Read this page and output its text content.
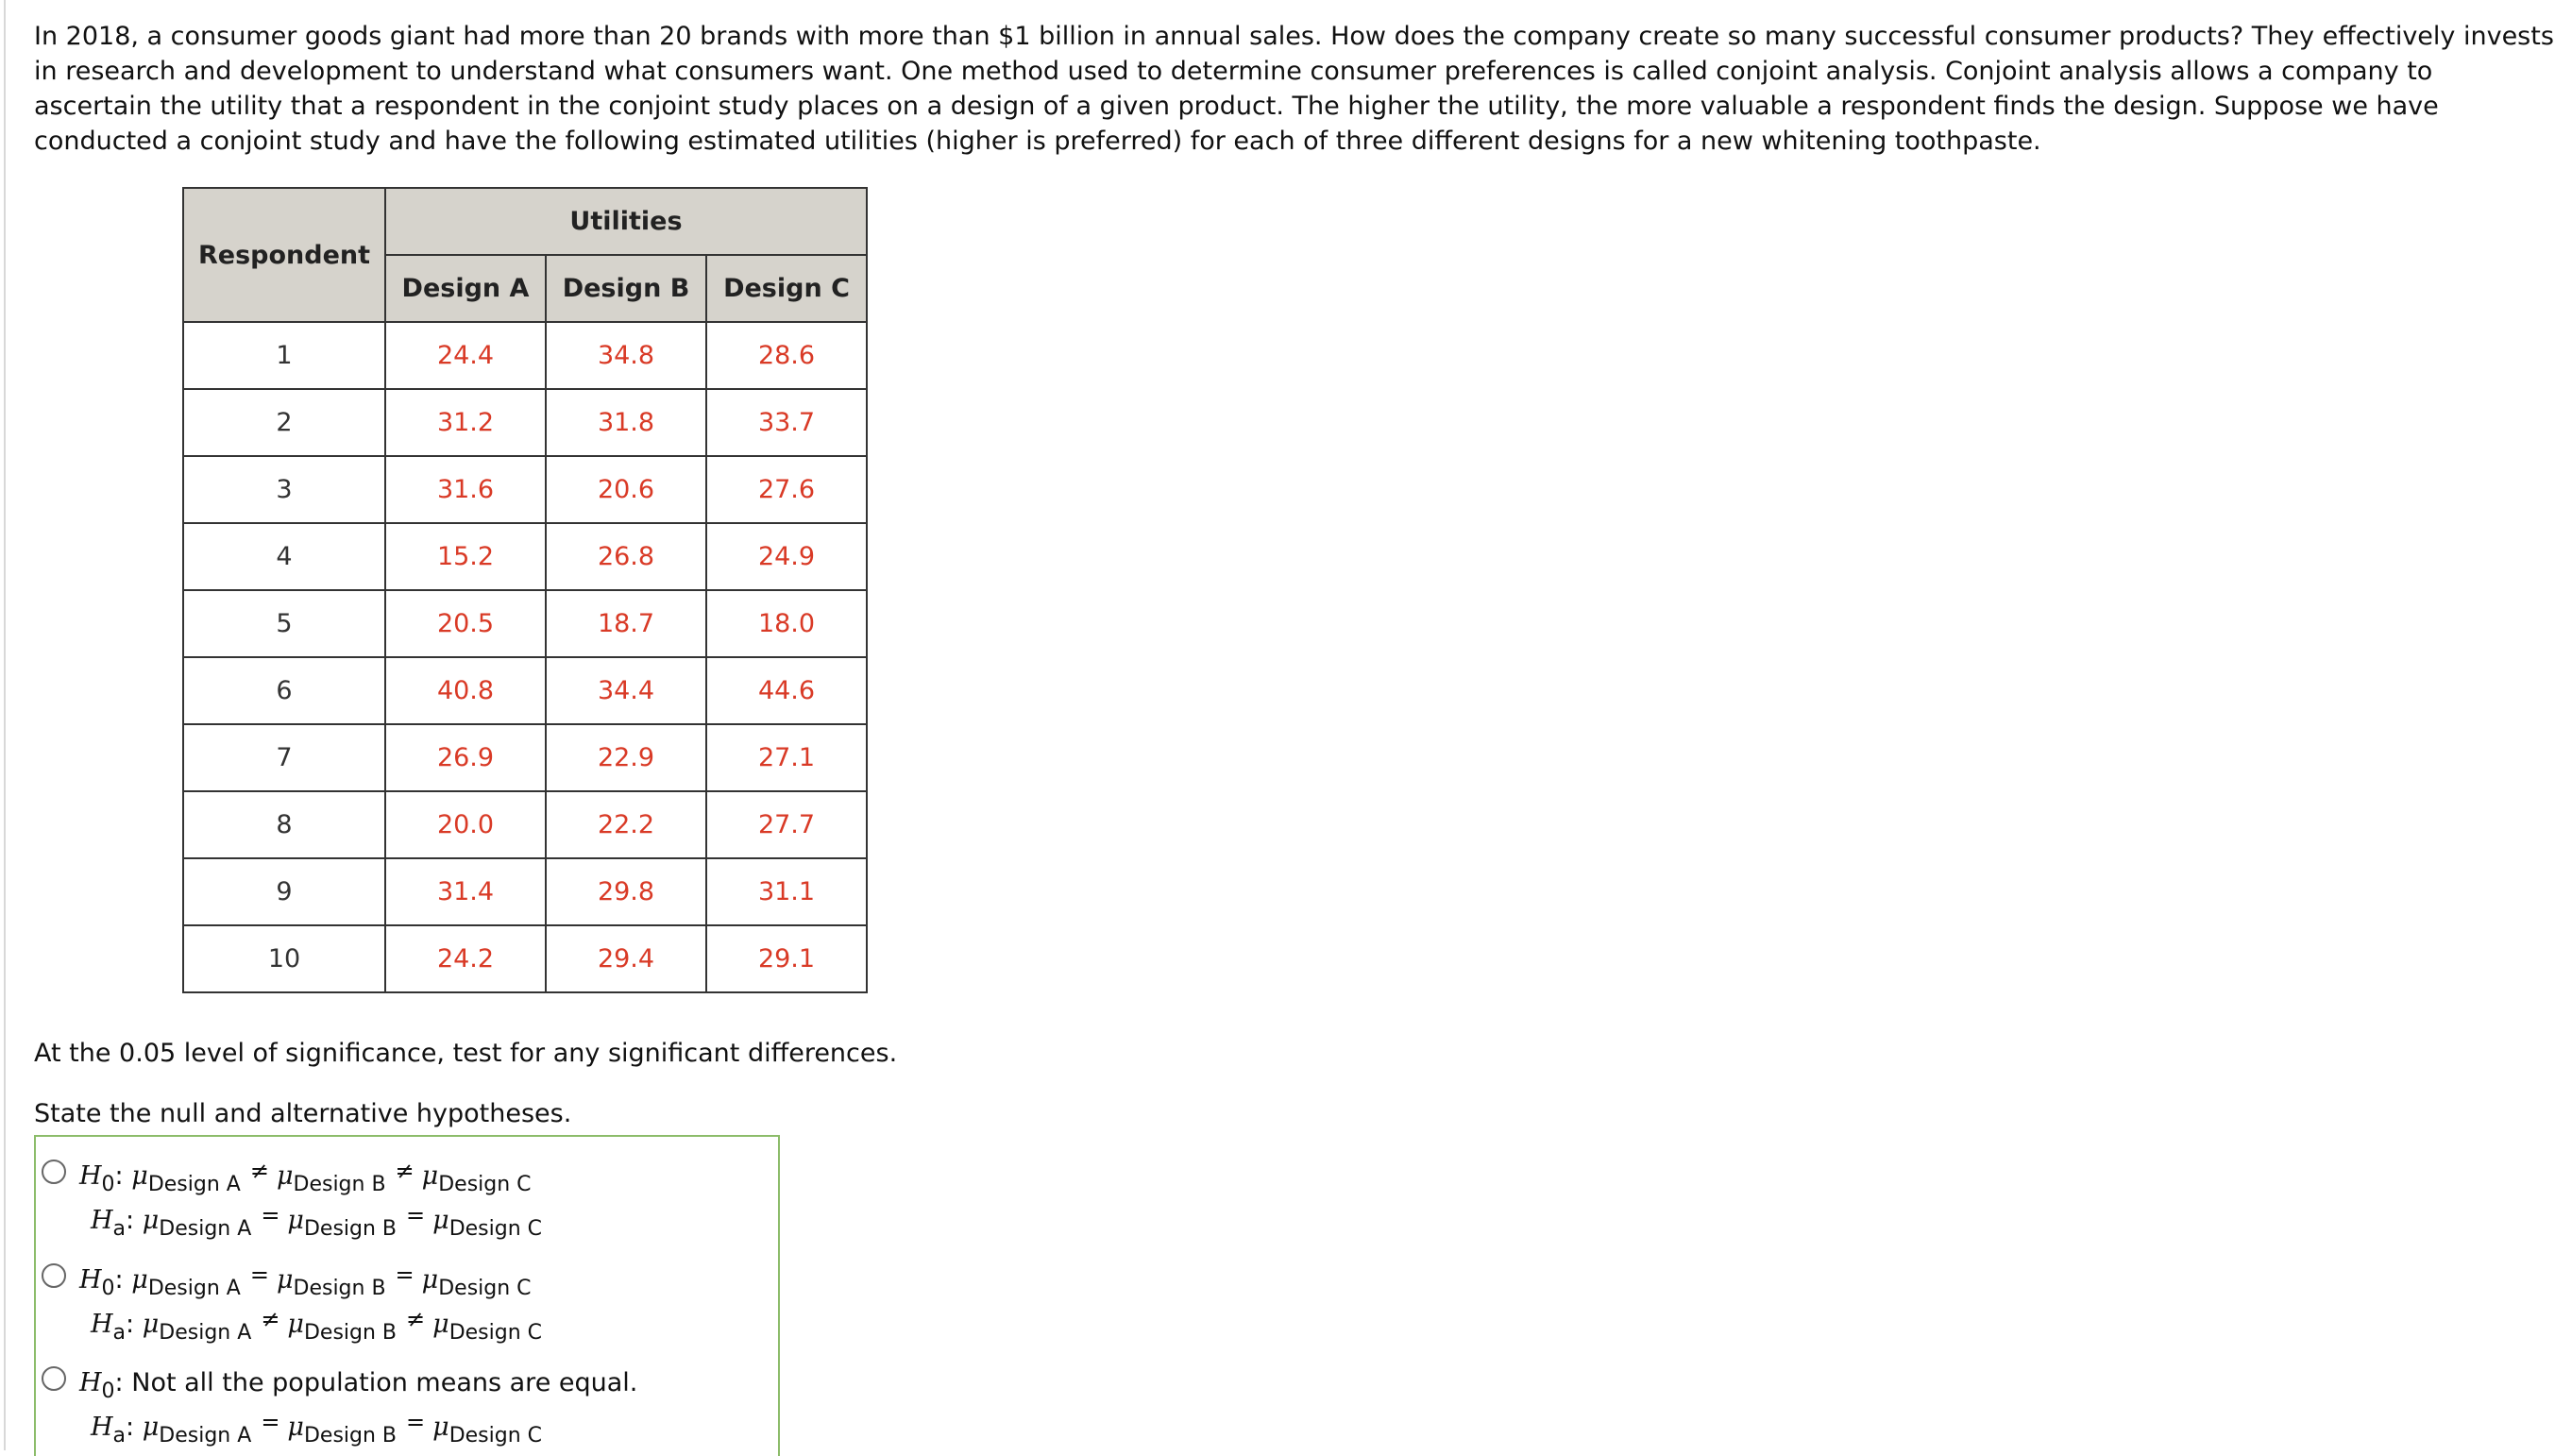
In 2018, a consumer goods giant had more than 20 brands with more than $1 billion in annual sales. How does the company create so many successful consumer products? They effectively invests in research and development to understand what consumers want. One method used to determine consumer preferences is called conjoint analysis. Conjoint analysis allows a company to ascertain the utility that a respondent in the conjoint study places on a design of a given product. The higher the utility, the more valuable a respondent finds the design. Suppose we have conducted a conjoint study and have the following estimated utilities (higher is preferred) for each of three different designs for a new whitening toothpaste.

Respondent	Utilities		
	Design A	Design B	Design C
1	24.4	34.8	28.6
2	31.2	31.8	33.7
3	31.6	20.6	27.6
4	15.2	26.8	24.9
5	20.5	18.7	18.0
6	40.8	34.4	44.6
7	26.9	22.9	27.1
8	20.0	22.2	27.7
9	31.4	29.8	31.1
10	24.2	29.4	29.1

At the 0.05 level of significance, test for any significant differences.

State the null and alternative hypotheses.

$H_0$: $\mu_{Design A}\ne \mu_{Design B}\ne \mu_{Design C}$
$H_a$: $\mu_{Design A}= \mu_{Design B}= \mu_{Design C}$
$H_0$: $\mu_{Design A}= \mu_{Design B}= \mu_{Design C}$
$H_a$: $\mu_{Design A}\ne \mu_{Design B}\ne \mu_{Design C}$
$H_0$: Not all the population means are equal.
$H_a$: $\mu_{Design A}= \mu_{Design B}= \mu_{Design C}$
